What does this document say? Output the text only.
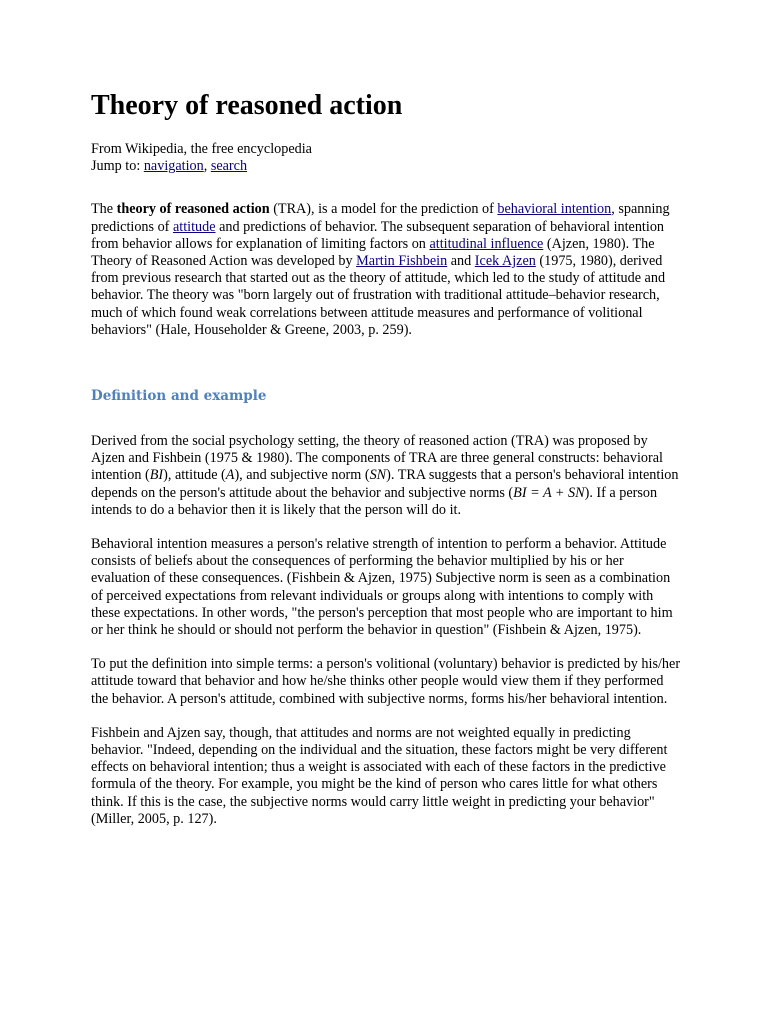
Theory of reasoned action
From Wikipedia, the free encyclopedia
Jump to: navigation, search

The theory of reasoned action (TRA), is a model for the prediction of behavioral intention, spanning predictions of attitude and predictions of behavior. The subsequent separation of behavioral intention from behavior allows for explanation of limiting factors on attitudinal influence (Ajzen, 1980). The Theory of Reasoned Action was developed by Martin Fishbein and Icek Ajzen (1975, 1980), derived from previous research that started out as the theory of attitude, which led to the study of attitude and behavior. The theory was "born largely out of frustration with traditional attitude–behavior research, much of which found weak correlations between attitude measures and performance of volitional behaviors" (Hale, Householder & Greene, 2003, p. 259).

Definition and example

Derived from the social psychology setting, the theory of reasoned action (TRA) was proposed by Ajzen and Fishbein (1975 & 1980). The components of TRA are three general constructs: behavioral intention (BI), attitude (A), and subjective norm (SN). TRA suggests that a person's behavioral intention depends on the person's attitude about the behavior and subjective norms (BI = A + SN). If a person intends to do a behavior then it is likely that the person will do it.

Behavioral intention measures a person's relative strength of intention to perform a behavior. Attitude consists of beliefs about the consequences of performing the behavior multiplied by his or her evaluation of these consequences. (Fishbein & Ajzen, 1975) Subjective norm is seen as a combination of perceived expectations from relevant individuals or groups along with intentions to comply with these expectations. In other words, "the person's perception that most people who are important to him or her think he should or should not perform the behavior in question" (Fishbein & Ajzen, 1975).

To put the definition into simple terms: a person's volitional (voluntary) behavior is predicted by his/her attitude toward that behavior and how he/she thinks other people would view them if they performed the behavior. A person's attitude, combined with subjective norms, forms his/her behavioral intention.

Fishbein and Ajzen say, though, that attitudes and norms are not weighted equally in predicting behavior. "Indeed, depending on the individual and the situation, these factors might be very different effects on behavioral intention; thus a weight is associated with each of these factors in the predictive formula of the theory. For example, you might be the kind of person who cares little for what others think. If this is the case, the subjective norms would carry little weight in predicting your behavior" (Miller, 2005, p. 127).
